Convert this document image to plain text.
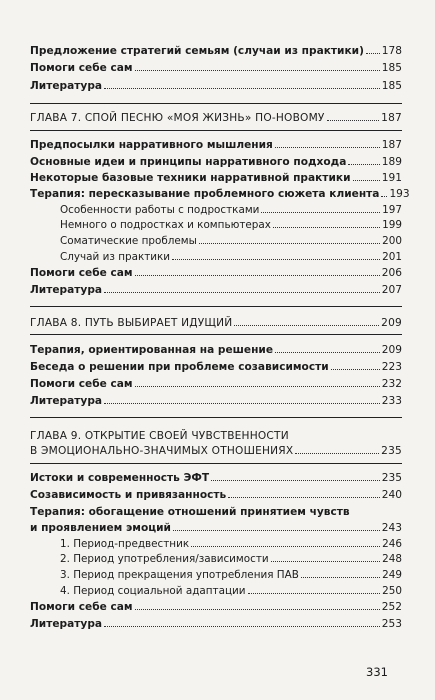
Предложение стратегий семьям (случаи из практики) 178
Помоги себе сам	185
Литература	185
ГЛАВА 7. СПОЙ ПЕСНЮ «МОЯ ЖИЗНЬ» ПО-НОВОМУ	187
Предпосылки нарративного мышления	187
Основные идеи и принципы нарративного подхода	189
Некоторые базовые техники нарративной практики	191
Терапия: пересказывание проблемного сюжета клиента 193
Особенности работы с подростками	197
Немного о подростках и компьютерах	199
Соматические проблемы	200
Случай из практики	201
Помоги себе сам	206
Литература	207
ГЛАВА 8. ПУТЬ ВЫБИРАЕТ ИДУЩИЙ	209
Терапия, ориентированная на решение	209
Беседа о решении при проблеме созависимости	223
Помоги себе сам	232
Литература	233
ГЛАВА 9. ОТКРЫТИЕ СВОЕЙ ЧУВСТВЕННОСТИ
В ЭМОЦИОНАЛЬНО-ЗНАЧИМЫХ ОТНОШЕНИЯХ	235
Истоки и современность ЭФТ	235
Созависимость и привязанность	240
Терапия: обогащение отношений принятием чувств
и проявлением эмоций	243
1. Период-предвестник	246
2. Период употребления/зависимости	248
3. Период прекращения употребления ПАВ	249
4. Период социальной адаптации	250
Помоги себе сам	252
Литература	253
331
